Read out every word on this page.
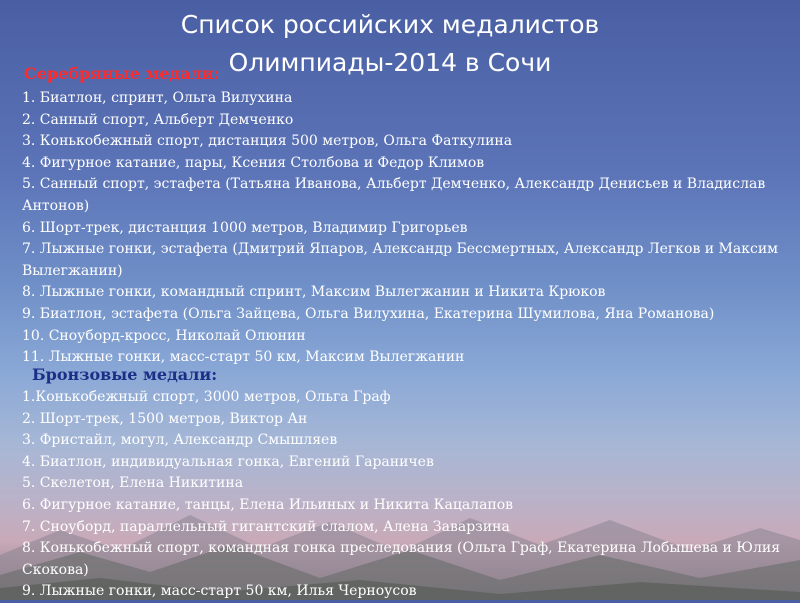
Список российских медалистов
Олимпиады-2014 в Сочи
Серебряные медали:
1. Биатлон, спринт, Ольга Вилухина
2. Санный спорт, Альберт Демченко
3. Конькобежный спорт, дистанция 500 метров, Ольга Фаткулина
4. Фигурное катание, пары, Ксения Столбова и Федор Климов
5. Санный спорт, эстафета (Татьяна Иванова, Альберт Демченко, Александр Денисьев и Владислав Антонов)
6. Шорт-трек, дистанция 1000 метров, Владимир Григорьев
7. Лыжные гонки, эстафета (Дмитрий Япаров, Александр Бессмертных, Александр Легков и Максим Вылегжанин)
8. Лыжные гонки, командный спринт, Максим Вылегжанин и Никита Крюков
9. Биатлон, эстафета (Ольга Зайцева, Ольга Вилухина, Екатерина Шумилова, Яна Романова)
10. Сноуборд-кросс, Николай Олюнин
11. Лыжные гонки, масс-старт 50 км, Максим Вылегжанин
Бронзовые медали:
1.Конькобежный спорт, 3000 метров, Ольга Граф
2. Шорт-трек, 1500 метров, Виктор Ан
3. Фристайл, могул, Александр Смышляев
4. Биатлон, индивидуальная гонка, Евгений Гараничев
5. Скелетон, Елена Никитина
6. Фигурное катание, танцы, Елена Ильиных и Никита Кацалапов
7. Сноуборд, параллельный гигантский слалом, Алена Заварзина
8. Конькобежный спорт, командная гонка преследования (Ольга Граф, Екатерина Лобышева и Юлия Скокова)
9. Лыжные гонки, масс-старт 50 км, Илья Черноусов
